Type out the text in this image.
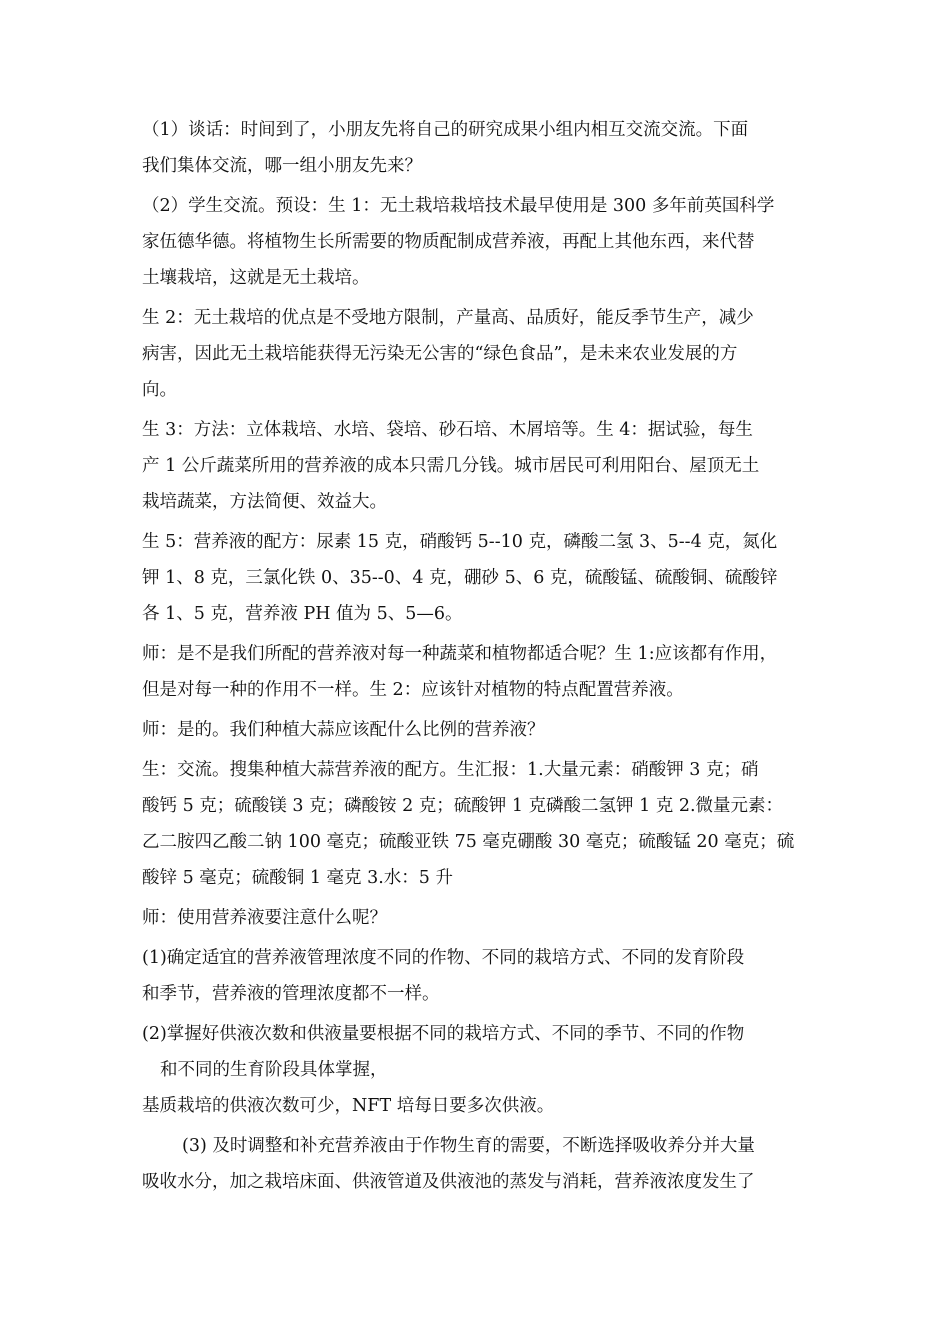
（1）谈话：时间到了，小朋友先将自己的研究成果小组内相互交流交流。下面
我们集体交流，哪一组小朋友先来？
（2）学生交流。预设：生 1：无土栽培栽培技术最早使用是 300 多年前英国科学
家伍德华德。将植物生长所需要的物质配制成营养液，再配上其他东西，来代替
土壤栽培，这就是无土栽培。
生 2：无土栽培的优点是不受地方限制，产量高、品质好，能反季节生产，减少
病害，因此无土栽培能获得无污染无公害的“绿色食品”，是未来农业发展的方
向。
生 3：方法：立体栽培、水培、袋培、砂石培、木屑培等。生 4：据试验，每生
产 1 公斤蔬菜所用的营养液的成本只需几分钱。城市居民可利用阳台、屋顶无土
栽培蔬菜，方法简便、效益大。
生 5：营养液的配方：尿素 15 克，硝酸钙 5--10 克，磷酸二氢 3、5--4 克，氮化
钾 1、8 克，三氯化铁 0、35--0、4 克，硼砂 5、6 克，硫酸锰、硫酸铜、硫酸锌
各 1、5 克，营养液 PH 值为 5、5—6。
师：是不是我们所配的营养液对每一种蔬菜和植物都适合呢？生 1:应该都有作用，
但是对每一种的作用不一样。生 2：应该针对植物的特点配置营养液。
师：是的。我们种植大蒜应该配什么比例的营养液？
生：交流。搜集种植大蒜营养液的配方。生汇报：1.大量元素：硝酸钾 3 克；硝
酸钙 5 克；硫酸镁 3 克；磷酸铵 2 克；硫酸钾 1 克磷酸二氢钾 1 克 2.微量元素：
乙二胺四乙酸二钠 100 毫克；硫酸亚铁 75 毫克硼酸 30 毫克；硫酸锰 20 毫克；硫
酸锌 5 毫克；硫酸铜 1 毫克 3.水：5 升
师：使用营养液要注意什么呢？
(1)确定适宜的营养液管理浓度不同的作物、不同的栽培方式、不同的发育阶段
和季节，营养液的管理浓度都不一样。
(2)掌握好供液次数和供液量要根据不同的栽培方式、不同的季节、不同的作物
和不同的生育阶段具体掌握，
基质栽培的供液次数可少，NFT 培每日要多次供液。
(3) 及时调整和补充营养液由于作物生育的需要，不断选择吸收养分并大量
吸收水分，加之栽培床面、供液管道及供液池的蒸发与消耗，营养液浓度发生了
